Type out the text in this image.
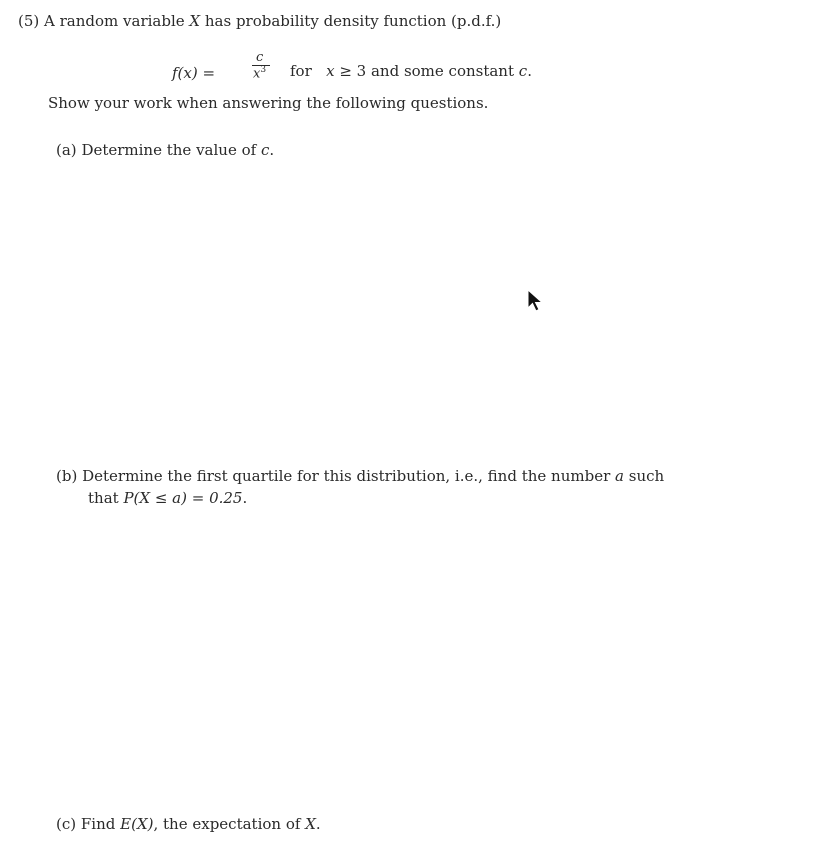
(5) A random variable X has probability density function (p.d.f.)
f(x) =
c
$x^3$ for x ≥ 3 and some constant c.
Show your work when answering the following questions.
(a) Determine the value of c.
(b) Determine the first quartile for this distribution, i.e., find the number a such
that P(X ≤ a) = 0.25.
(c) Find E(X), the expectation of X.
